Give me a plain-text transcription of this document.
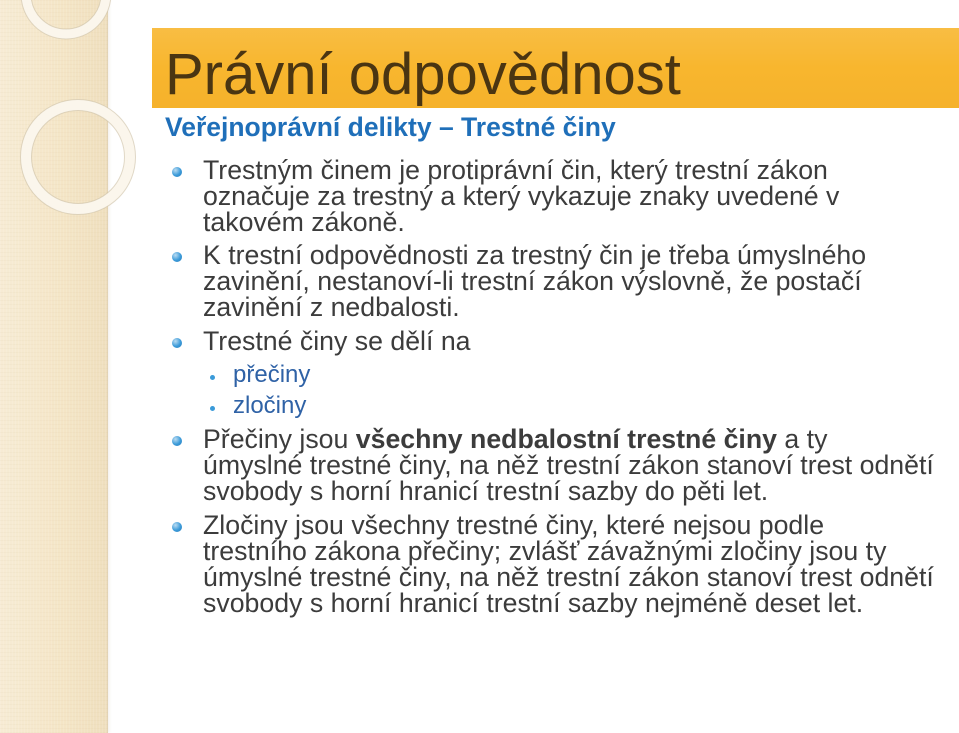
Právní odpovědnost
Veřejnoprávní delikty – Trestné činy
Trestným činem je protiprávní čin, který trestní zákon
označuje za trestný a který vykazuje znaky uvedené v
takovém zákoně.
K trestní odpovědnosti za trestný čin je třeba úmyslného
zavinění, nestanoví-li trestní zákon výslovně, že postačí
zavinění z nedbalosti.
Trestné činy se dělí na
přečiny
zločiny
Přečiny jsou všechny nedbalostní trestné činy a ty
úmyslné trestné činy, na něž trestní zákon stanoví trest odnětí
svobody s horní hranicí trestní sazby do pěti let.
Zločiny jsou všechny trestné činy, které nejsou podle
trestního zákona přečiny; zvlášť závažnými zločiny jsou ty
úmyslné trestné činy, na něž trestní zákon stanoví trest odnětí
svobody s horní hranicí trestní sazby nejméně deset let.
